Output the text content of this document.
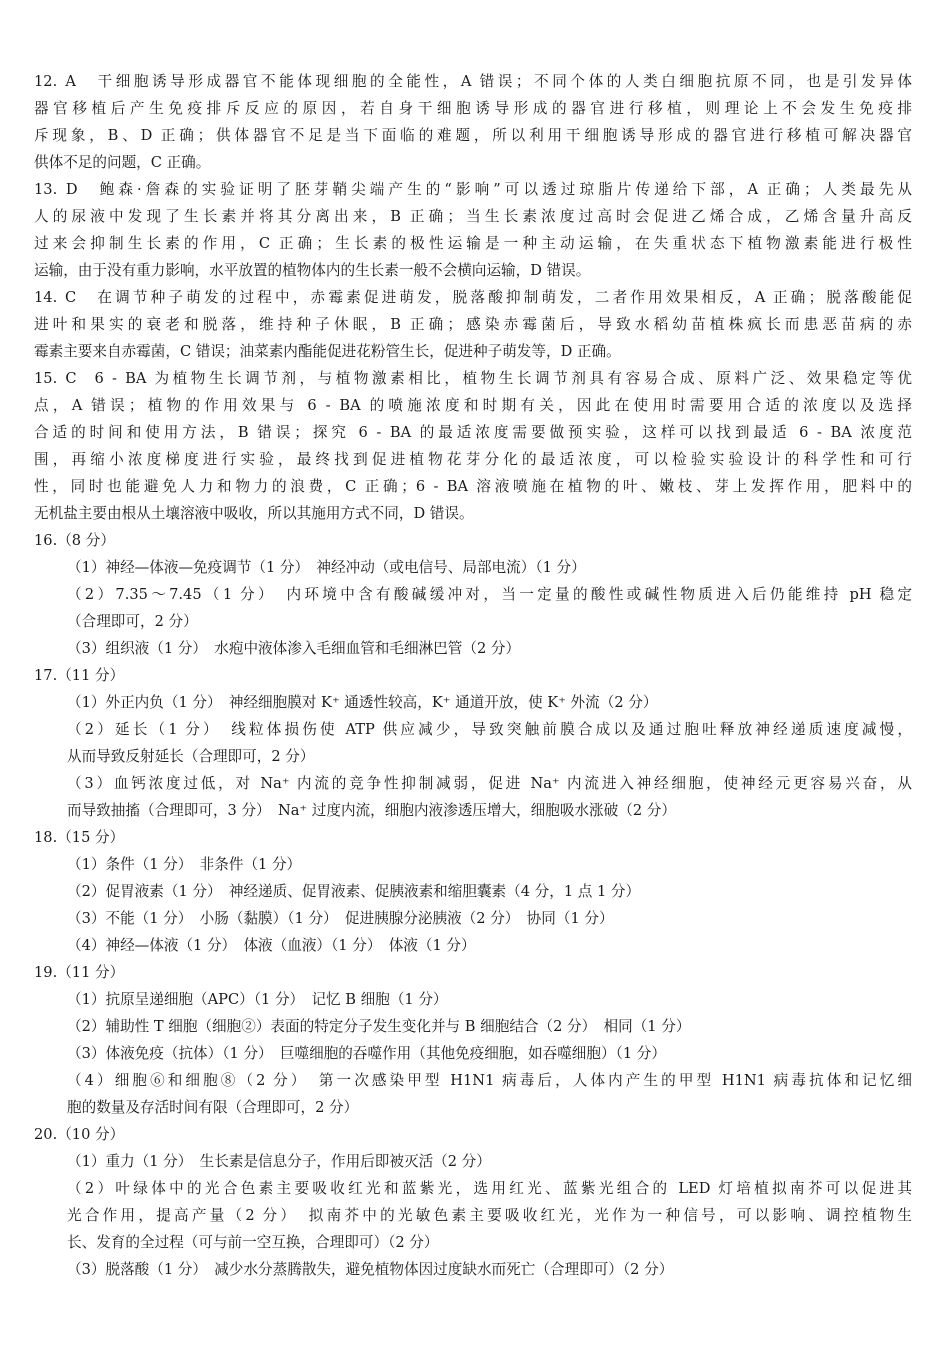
12. A 干细胞诱导形成器官不能体现细胞的全能性，A 错误；不同个体的人类白细胞抗原不同，也是引发异体
器官移植后产生免疫排斥反应的原因，若自身干细胞诱导形成的器官进行移植，则理论上不会发生免疫排
斥现象，B、D 正确；供体器官不足是当下面临的难题，所以利用干细胞诱导形成的器官进行移植可解决器官
供体不足的问题，C 正确。
13. D 鲍森·詹森的实验证明了胚芽鞘尖端产生的“影响”可以透过琼脂片传递给下部，A 正确；人类最先从
人的尿液中发现了生长素并将其分离出来，B 正确；当生长素浓度过高时会促进乙烯合成，乙烯含量升高反
过来会抑制生长素的作用，C 正确；生长素的极性运输是一种主动运输，在失重状态下植物激素能进行极性
运输，由于没有重力影响，水平放置的植物体内的生长素一般不会横向运输，D 错误。
14. C 在调节种子萌发的过程中，赤霉素促进萌发，脱落酸抑制萌发，二者作用效果相反，A 正确；脱落酸能促
进叶和果实的衰老和脱落，维持种子休眠，B 正确；感染赤霉菌后，导致水稻幼苗植株疯长而患恶苗病的赤
霉素主要来自赤霉菌，C 错误；油菜素内酯能促进花粉管生长，促进种子萌发等，D 正确。
15. C 6 - BA 为植物生长调节剂，与植物激素相比，植物生长调节剂具有容易合成、原料广泛、效果稳定等优
点，A 错误；植物的作用效果与 6 - BA 的喷施浓度和时期有关，因此在使用时需要用合适的浓度以及选择
合适的时间和使用方法，B 错误；探究 6 - BA 的最适浓度需要做预实验，这样可以找到最适 6 - BA 浓度范
围，再缩小浓度梯度进行实验，最终找到促进植物花芽分化的最适浓度，可以检验实验设计的科学性和可行
性，同时也能避免人力和物力的浪费，C 正确；6 - BA 溶液喷施在植物的叶、嫩枝、芽上发挥作用，肥料中的
无机盐主要由根从土壤溶液中吸收，所以其施用方式不同，D 错误。
16.（8 分）
（1）神经—体液—免疫调节（1 分）　神经冲动（或电信号、局部电流）（1 分）
（2）7.35～7.45（1 分）　内环境中含有酸碱缓冲对，当一定量的酸性或碱性物质进入后仍能维持 pH 稳定
（合理即可，2 分）
（3）组织液（1 分）　水疱中液体渗入毛细血管和毛细淋巴管（2 分）
17.（11 分）
（1）外正内负（1 分）　神经细胞膜对 K⁺ 通透性较高，K⁺ 通道开放，使 K⁺ 外流（2 分）
（2）延长（1 分）　线粒体损伤使 ATP 供应减少，导致突触前膜合成以及通过胞吐释放神经递质速度减慢，
从而导致反射延长（合理即可，2 分）
（3）血钙浓度过低，对 Na⁺ 内流的竞争性抑制减弱，促进 Na⁺ 内流进入神经细胞，使神经元更容易兴奋，从
而导致抽搐（合理即可，3 分）　Na⁺ 过度内流，细胞内液渗透压增大，细胞吸水涨破（2 分）
18.（15 分）
（1）条件（1 分）　非条件（1 分）
（2）促胃液素（1 分）　神经递质、促胃液素、促胰液素和缩胆囊素（4 分，1 点 1 分）
（3）不能（1 分）　小肠（黏膜）（1 分）　促进胰腺分泌胰液（2 分）　协同（1 分）
（4）神经—体液（1 分）　体液（血液）（1 分）　体液（1 分）
19.（11 分）
（1）抗原呈递细胞（APC）（1 分）　记忆 B 细胞（1 分）
（2）辅助性 T 细胞（细胞②）表面的特定分子发生变化并与 B 细胞结合（2 分）　相同（1 分）
（3）体液免疫（抗体）（1 分）　巨噬细胞的吞噬作用（其他免疫细胞，如吞噬细胞）（1 分）
（4）细胞⑥和细胞⑧（2 分）　第一次感染甲型 H1N1 病毒后，人体内产生的甲型 H1N1 病毒抗体和记忆细
胞的数量及存活时间有限（合理即可，2 分）
20.（10 分）
（1）重力（1 分）　生长素是信息分子，作用后即被灭活（2 分）
（2）叶绿体中的光合色素主要吸收红光和蓝紫光，选用红光、蓝紫光组合的 LED 灯培植拟南芥可以促进其
光合作用，提高产量（2 分）　拟南芥中的光敏色素主要吸收红光，光作为一种信号，可以影响、调控植物生
长、发育的全过程（可与前一空互换，合理即可）（2 分）
（3）脱落酸（1 分）　减少水分蒸腾散失，避免植物体因过度缺水而死亡（合理即可）（2 分）
